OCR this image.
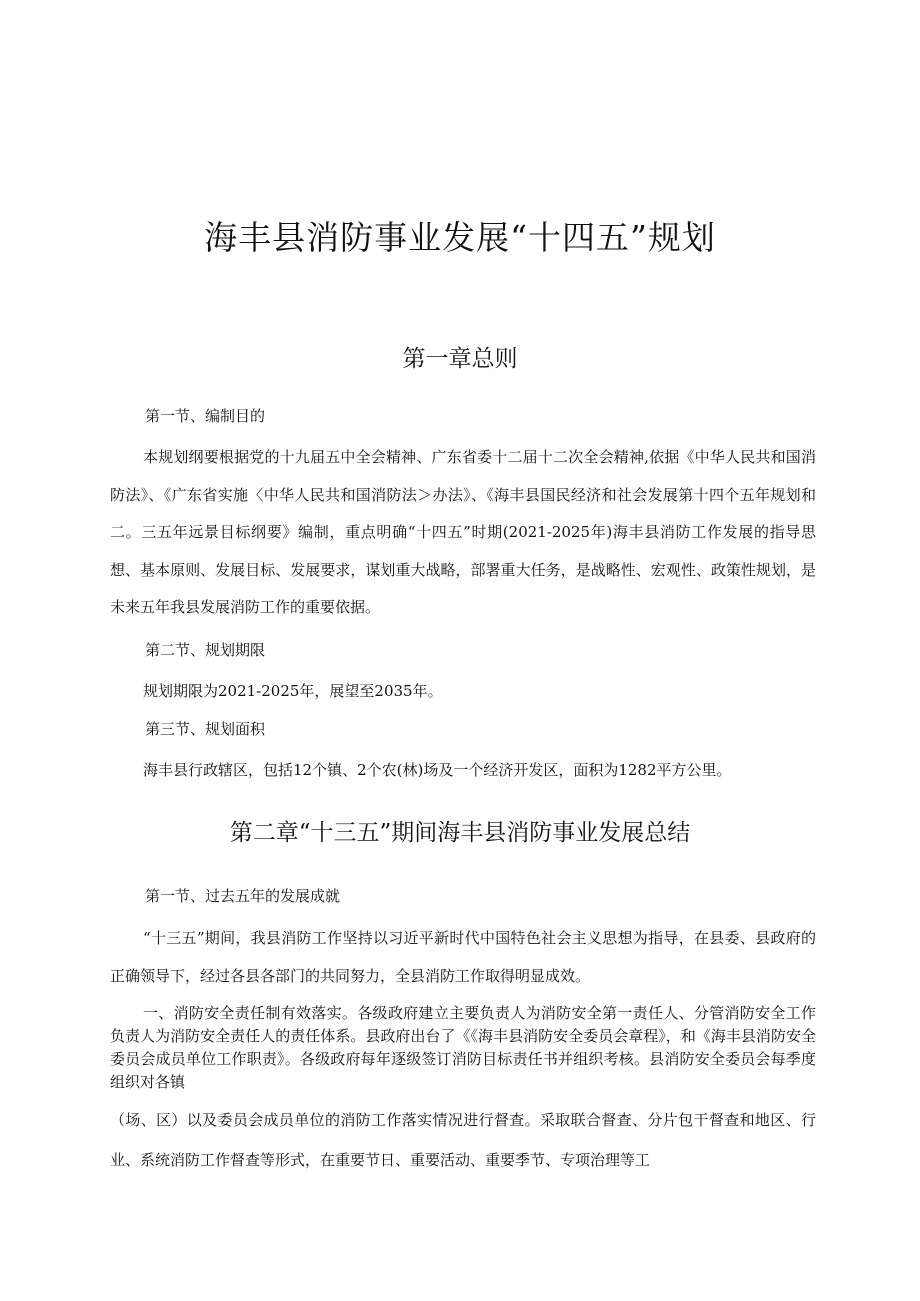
海丰县消防事业发展“十四五”规划
第一章总则
第一节、编制目的

本规划纲要根据党的十九届五中全会精神、广东省委十二届十二次全会精神,依据《中华人民共和国消防法》、《广东省实施〈中华人民共和国消防法＞办法》、《海丰县国民经济和社会发展第十四个五年规划和二。三五年远景目标纲要》编制，重点明确“十四五”时期(2021-2025年)海丰县消防工作发展的指导思想、基本原则、发展目标、发展要求，谋划重大战略，部署重大任务，是战略性、宏观性、政策性规划，是未来五年我县发展消防工作的重要依据。

第二节、规划期限

规划期限为2021-2025年，展望至2035年。

第三节、规划面积

海丰县行政辖区，包括12个镇、2个农(林)场及一个经济开发区，面积为1282平方公里。

第二章“十三五”期间海丰县消防事业发展总结
第一节、过去五年的发展成就

“十三五”期间，我县消防工作坚持以习近平新时代中国特色社会主义思想为指导，在县委、县政府的正确领导下，经过各县各部门的共同努力，全县消防工作取得明显成效。

一、消防安全责任制有效落实。各级政府建立主要负责人为消防安全第一责任人、分管消防安全工作负责人为消防安全责任人的责任体系。县政府出台了《《海丰县消防安全委员会章程》，和《海丰县消防安全委员会成员单位工作职责》。各级政府每年逐级签订消防目标责任书并组织考核。县消防安全委员会每季度组织对各镇

（场、区）以及委员会成员单位的消防工作落实情况进行督查。采取联合督查、分片包干督查和地区、行业、系统消防工作督查等形式，在重要节日、重要活动、重要季节、专项治理等工
